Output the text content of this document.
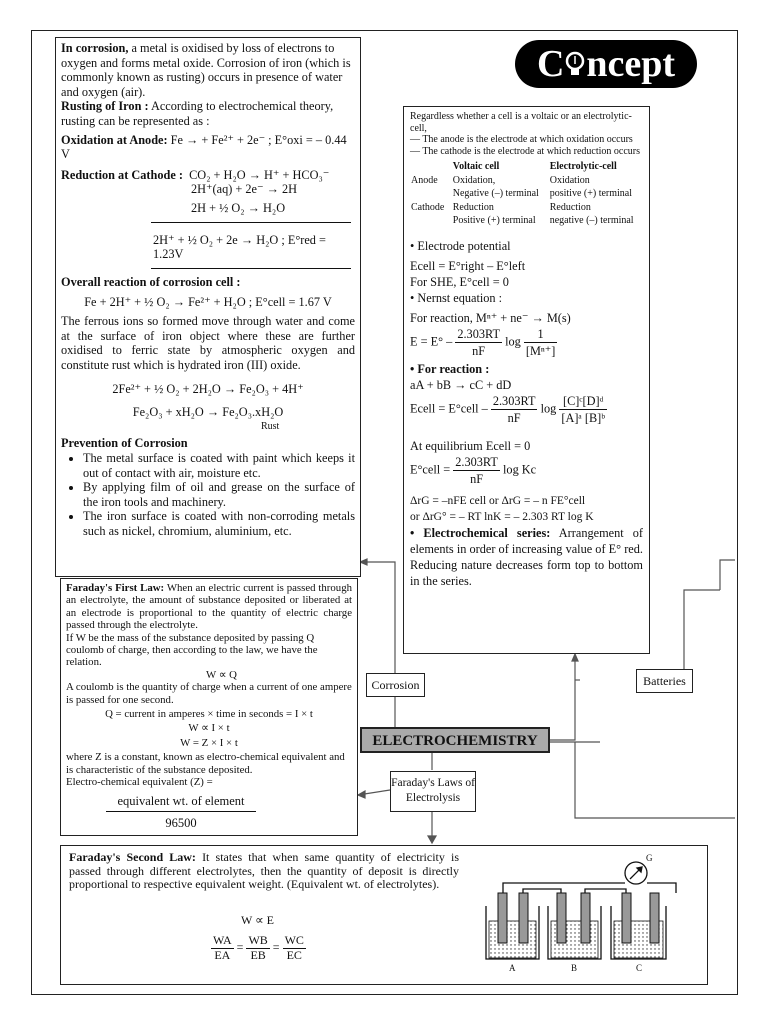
C ncept

In corrosion, a metal is oxidised by loss of electrons to oxygen and forms metal oxide. Corrosion of iron (which is commonly known as rusting) occurs in presence of water and oxygen (air).

Rusting of Iron : According to electrochemical theory, rusting can be represented as :

Oxidation at Anode: Fe → + Fe²⁺ + 2e⁻ ; E°oxi = – 0.44 V

Reduction at Cathode : CO₂ + H₂O → H⁺ + HCO₃⁻

2H⁺(aq) + 2e⁻ → 2H

2H + ½ O₂ → H₂O

2H⁺ + ½ O₂ + 2e → H₂O ; E°red = 1.23V

Overall reaction of corrosion cell :

Fe + 2H⁺ + ½ O₂ → Fe²⁺ + H₂O ; E°cell = 1.67 V

The ferrous ions so formed move through water and come at the surface of iron object where these are further oxidised to ferric state by atmospheric oxygen and constitute rust which is hydrated iron (III) oxide.

2Fe²⁺ + ½ O₂ + 2H₂O → Fe₂O₃ + 4H⁺

Fe₂O₃ + xH₂O → Fe₂O₃.xH₂O

Rust

Prevention of Corrosion

• The metal surface is coated with paint which keeps it out of contact with air, moisture etc.
• By applying film of oil and grease on the surface of the iron tools and machinery.
• The iron surface is coated with non-corroding metals such as nickel, chromium, aluminium, etc.

Regardless whether a cell is a voltaic or an electrolytic-cell,

— The anode is the electrode at which oxidation occurs

— The cathode is the electrode at which reduction occurs

	Voltaic cell	Electrolytic-cell
Anode	Oxidation,	Oxidation
	Negative (–) terminal	positive (+) terminal
Cathode	Reduction	Reduction
	Positive (+) terminal	negative (–) terminal

• Electrode potential

Ecell = E°right – E°left

For SHE, E°cell = 0

• Nernst equation :

For reaction, Mⁿ⁺ + ne⁻ → M(s)

$E = E^\circ - \frac{2.303RT}{nF}$ $\log \frac{1}{\text{[Mⁿ⁺]}}$

• For reaction :

aA + bB → cC + dD

Ecell = E°cell – $\frac{2.303RT}{nF}$ $\log \frac{\text{[C]ᶜ[D]ᵈ}}{\text{[A]ᵃ [B]ᵇ}}$

At equilibrium Ecell = 0

E°cell = $\frac{2.303RT}{nF}$ log Kc

ΔrG = –nFE cell or ΔrG = – n FE°cell

or ΔrG° = – RT lnK = – 2.303 RT log K

• Electrochemical series: Arrangement of elements in order of increasing value of E° red. Reducing nature decreases form top to bottom in the series.

Faraday's First Law: When an electric current is passed through an electrolyte, the amount of substance deposited or liberated at an electrode is proportional to the quantity of electric charge passed through the electrolyte.

If W be the mass of the substance deposited by passing Q coulomb of charge, then according to the law, we have the relation.

W ∝ Q

A coulomb is the quantity of charge when a current of one ampere is passed for one second.

Q = current in amperes × time in seconds = I × t

W ∝ I × t

W = Z × I × t

where Z is a constant, known as electro-chemical equivalent and is characteristic of the substance deposited.

Electro-chemical equivalent (Z) =

equivalent wt. of element
96500
Corrosion	Batteries
ELECTROCHEMISTRY
Faraday's Laws of
Electrolysis

Faraday's Second Law: It states that when same quantity of electricity is passed through different electrolytes, then the quantity of deposit is directly proportional to respective equivalent weight. (Equivalent wt. of electrolytes).

W ∝ E

$\frac{WA}{EA} = \frac{WB}{EB} = \frac{WC}{EC}$
G
A	B	C
